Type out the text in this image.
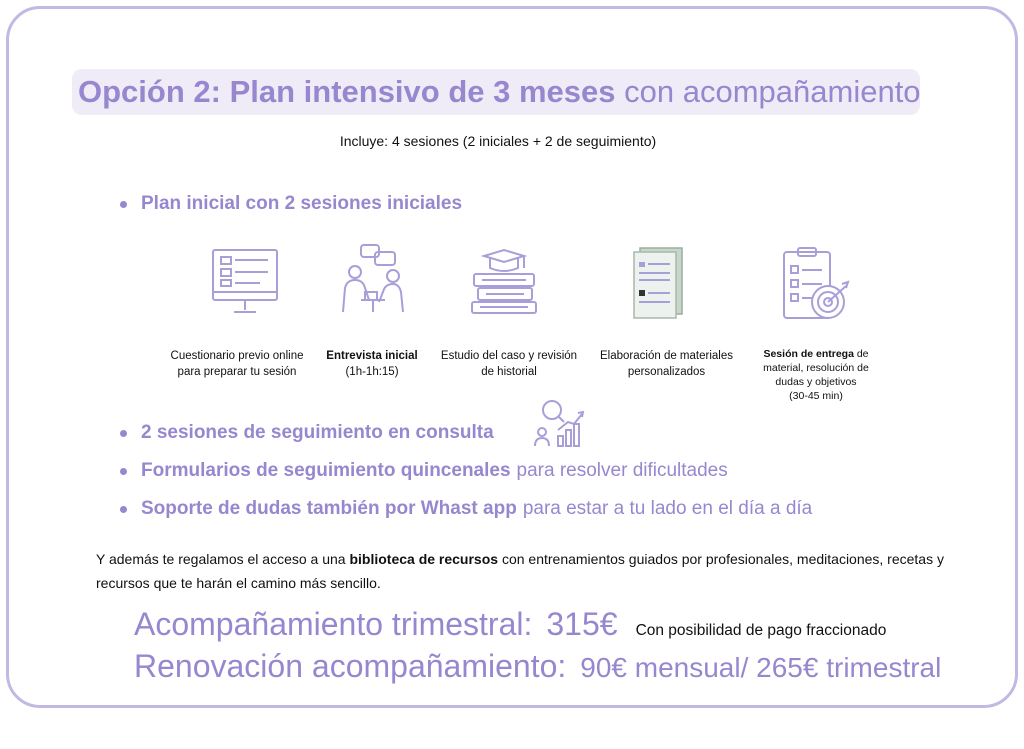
Opción 2: Plan intensivo de 3 meses
con acompañamiento
Incluye: 4 sesiones (2 iniciales + 2 de seguimiento)
Plan inicial con 2 sesiones iniciales
Cuestionario previo online
para preparar tu sesión
Entrevista inicial
(1h-1h:15)
Estudio del caso y revisión
de historial
Elaboración de materiales
personalizados
Sesión de entrega de
material, resolución de
dudas y objetivos
(30-45 min)
2 sesiones de seguimiento en consulta
Formularios de seguimiento quincenales para resolver dificultades
Soporte de dudas también por Whast app para estar a tu lado en el día a día
Y además te regalamos el acceso a una biblioteca de recursos con entrenamientos guiados por profesionales, meditaciones, recetas y recursos que te harán el camino más sencillo.
Acompañamiento trimestral: 315€ Con posibilidad de pago fraccionado
Renovación acompañamiento: 90€ mensual/ 265€ trimestral
